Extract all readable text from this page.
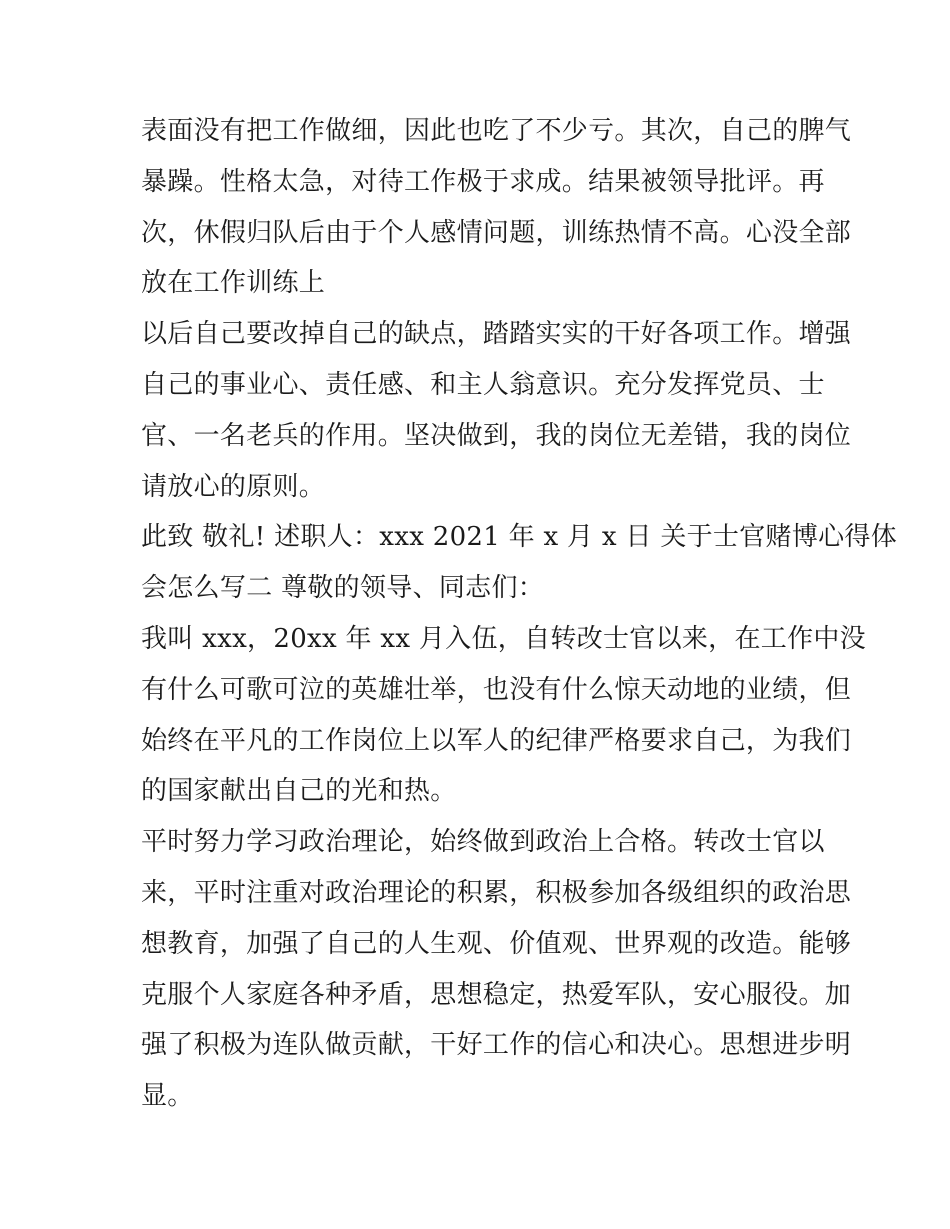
表面没有把工作做细，因此也吃了不少亏。其次，自己的脾气
暴躁。性格太急，对待工作极于求成。结果被领导批评。再
次，休假归队后由于个人感情问题，训练热情不高。心没全部
放在工作训练上
以后自己要改掉自己的缺点，踏踏实实的干好各项工作。增强
自己的事业心、责任感、和主人翁意识。充分发挥党员、士
官、一名老兵的作用。坚决做到，我的岗位无差错，我的岗位
请放心的原则。
此致 敬礼! 述职人：xxx 2021 年 x 月 x 日 关于士官赌博心得体
会怎么写二 尊敬的领导、同志们：
我叫 xxx，20xx 年 xx 月入伍，自转改士官以来，在工作中没
有什么可歌可泣的英雄壮举，也没有什么惊天动地的业绩，但
始终在平凡的工作岗位上以军人的纪律严格要求自己，为我们
的国家献出自己的光和热。
平时努力学习政治理论，始终做到政治上合格。转改士官以
来，平时注重对政治理论的积累，积极参加各级组织的政治思
想教育，加强了自己的人生观、价值观、世界观的改造。能够
克服个人家庭各种矛盾，思想稳定，热爱军队，安心服役。加
强了积极为连队做贡献，干好工作的信心和决心。思想进步明
显。
